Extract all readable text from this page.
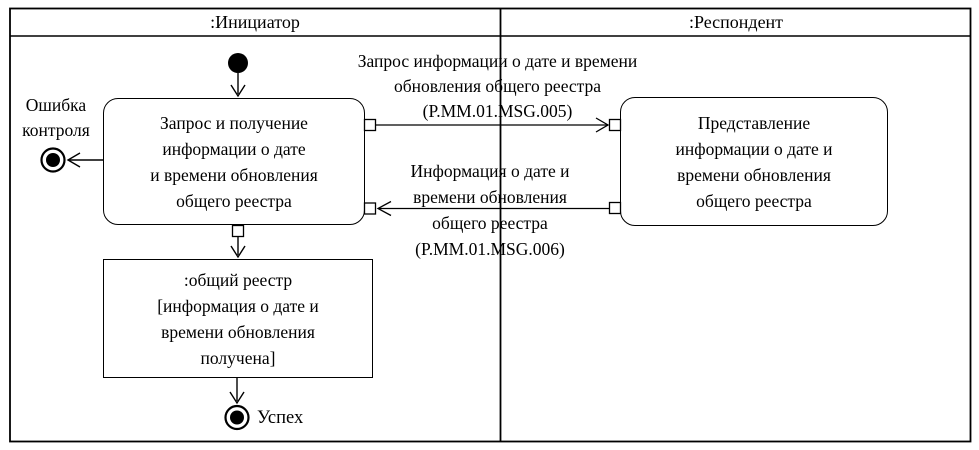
:Инициатор	:Респондент
Ошибка
контроля	Запрос и получение
информации о дате
и времени обновления
общего реестра
Представление
информации о дате и
времени обновления
общего реестра
:общий реестр
[информация о дате и
времени обновления
получена]
Запрос информации о дате и времени
обновления общего реестра
(P.MM.01.MSG.005)
Информация о дате и
времени обновления
общего реестра
(P.MM.01.MSG.006)
Успех
